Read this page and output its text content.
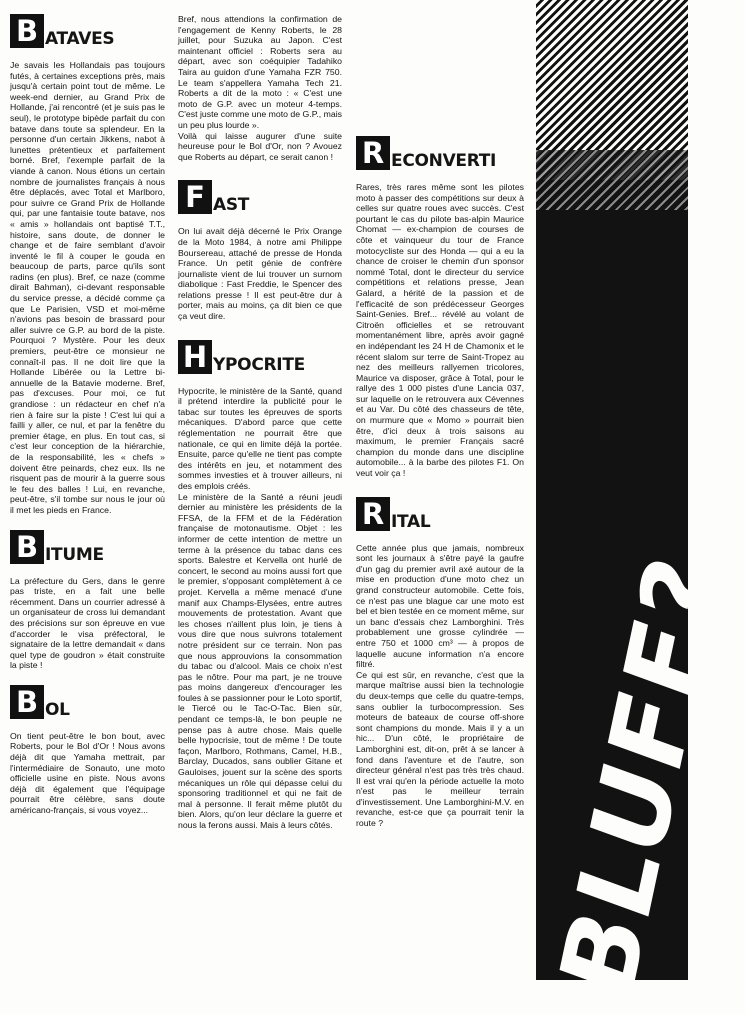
B ATAVES

Je savais les Hollandais pas toujours futés, à certaines exceptions près, mais jusqu'à certain point tout de même. Le week-end dernier, au Grand Prix de Hollande, j'ai rencontré (et je suis pas le seul), le prototype bipède parfait du con batave dans toute sa splendeur. En la personne d'un certain Jikkens, nabot à lunettes prétentieux et parfaitement borné. Bref, l'exemple parfait de la viande à canon. Nous étions un certain nombre de journalistes français à nous être déplacés, avec Total et Marlboro, pour suivre ce Grand Prix de Hollande qui, par une fantaisie toute batave, nos « amis » hollandais ont baptisé T.T., histoire, sans doute, de donner le change et de faire semblant d'avoir inventé le fil à couper le gouda en beaucoup de parts, parce qu'ils sont radins (en plus). Bref, ce naze (comme dirait Bahman), ci-devant responsable du service presse, a décidé comme ça que Le Parisien, VSD et moi-même n'avions pas besoin de brassard pour aller suivre ce G.P. au bord de la piste. Pourquoi ? Mystère. Pour les deux premiers, peut-être ce monsieur ne connaît-il pas. Il ne doit lire que la Hollande Libérée ou la Lettre bi-annuelle de la Batavie moderne. Bref, pas d'excuses. Pour moi, ce fut grandiose : un rédacteur en chef n'a rien à faire sur la piste ! C'est lui qui a failli y aller, ce nul, et par la fenêtre du premier étage, en plus. En tout cas, si c'est leur conception de la hiérarchie, de la responsabilité, les « chefs » doivent être peinards, chez eux. Ils ne risquent pas de mourir à la guerre sous le feu des balles ! Lui, en revanche, peut-être, s'il tombe sur nous le jour où il met les pieds en France.

B ITUME

La préfecture du Gers, dans le genre pas triste, en a fait une belle récemment. Dans un courrier adressé à un organisateur de cross lui demandant des précisions sur son épreuve en vue d'accorder le visa préfectoral, le signataire de la lettre demandait « dans quel type de goudron » était construite la piste !

B OL

On tient peut-être le bon bout, avec Roberts, pour le Bol d'Or ! Nous avons déjà dit que Yamaha mettrait, par l'intermédiaire de Sonauto, une moto officielle usine en piste. Nous avons déjà dit également que l'équipage pourrait être célèbre, sans doute américano-français, si vous voyez...

Bref, nous attendions la confirmation de l'engagement de Kenny Roberts, le 28 juillet, pour Suzuka au Japon. C'est maintenant officiel : Roberts sera au départ, avec son coéquipier Tadahiko Taira au guidon d'une Yamaha FZR 750. Le team s'appellera Yamaha Tech 21. Roberts a dit de la moto : « C'est une moto de G.P. avec un moteur 4-temps. C'est juste comme une moto de G.P., mais un peu plus lourde ».

Voilà qui laisse augurer d'une suite heureuse pour le Bol d'Or, non ? Avouez que Roberts au départ, ce serait canon !

F AST

On lui avait déjà décerné le Prix Orange de la Moto 1984, à notre ami Philippe Boursereau, attaché de presse de Honda France. Un petit génie de confrère journaliste vient de lui trouver un surnom diabolique : Fast Freddie, le Spencer des relations presse ! Il est peut-être dur à porter, mais au moins, ça dit bien ce que ça veut dire.

H YPOCRITE

Hypocrite, le ministère de la Santé, quand il prétend interdire la publicité pour le tabac sur toutes les épreuves de sports mécaniques. D'abord parce que cette réglementation ne pourrait être que nationale, ce qui en limite déjà la portée. Ensuite, parce qu'elle ne tient pas compte des intérêts en jeu, et notamment des sommes investies et à trouver ailleurs, ni des emplois créés.

Le ministère de la Santé a réuni jeudi dernier au ministère les présidents de la FFSA, de la FFM et de la Fédération française de motonautisme. Objet : les informer de cette intention de mettre un terme à la présence du tabac dans ces sports. Balestre et Kervella ont hurlé de concert, le second au moins aussi fort que le premier, s'opposant complètement à ce projet. Kervella a même menacé d'une manif aux Champs-Elysées, entre autres mouvements de protestation. Avant que les choses n'aillent plus loin, je tiens à vous dire que nous suivrons totalement notre président sur ce terrain. Non pas que nous approuvions la consommation du tabac ou d'alcool. Mais ce choix n'est pas le nôtre. Pour ma part, je ne trouve pas moins dangereux d'encourager les foules à se passionner pour le Loto sportif, le Tiercé ou le Tac-O-Tac. Bien sûr, pendant ce temps-là, le bon peuple ne pense pas à autre chose. Mais quelle belle hypocrisie, tout de même ! De toute façon, Marlboro, Rothmans, Camel, H.B., Barclay, Ducados, sans oublier Gitane et Gauloises, jouent sur la scène des sports mécaniques un rôle qui dépasse celui du sponsoring traditionnel et qui ne fait de mal à personne. Il ferait même plutôt du bien. Alors, qu'on leur déclare la guerre et nous la ferons aussi. Mais à leurs côtés.

R ECONVERTI

Rares, très rares même sont les pilotes moto à passer des compétitions sur deux à celles sur quatre roues avec succès. C'est pourtant le cas du pilote bas-alpin Maurice Chomat — ex-champion de courses de côte et vainqueur du tour de France motocycliste sur des Honda — qui a eu la chance de croiser le chemin d'un sponsor nommé Total, dont le directeur du service compétitions et relations presse, Jean Galard, a hérité de la passion et de l'efficacité de son prédécesseur Georges Saint-Genies. Bref... révélé au volant de Citroën officielles et se retrouvant momentanément libre, après avoir gagné en indépendant les 24 H de Chamonix et le récent slalom sur terre de Saint-Tropez au nez des meilleurs rallyemen tricolores, Maurice va disposer, grâce à Total, pour le rallye des 1 000 pistes d'une Lancia 037, sur laquelle on le retrouvera aux Cévennes et au Var. Du côté des chasseurs de tête, on murmure que « Momo » pourrait bien être, d'ici deux à trois saisons au maximum, le premier Français sacré champion du monde dans une discipline automobile... à la barbe des pilotes F1. On veut voir ça !

R ITAL

Cette année plus que jamais, nombreux sont les journaux à s'être payé la gaufre d'un gag du premier avril axé autour de la mise en production d'une moto chez un grand constructeur automobile. Cette fois, ce n'est pas une blague car une moto est bel et bien testée en ce moment même, sur un banc d'essais chez Lamborghini. Très probablement une grosse cylindrée — entre 750 et 1000 cm³ — à propos de laquelle aucune information n'a encore filtré.

Ce qui est sûr, en revanche, c'est que la marque maîtrise aussi bien la technologie du deux-temps que celle du quatre-temps, sans oublier la turbocompression. Ses moteurs de bateaux de course off-shore sont champions du monde. Mais il y a un hic... D'un côté, le propriétaire de Lamborghini est, dit-on, prêt à se lancer à fond dans l'aventure et de l'autre, son directeur général n'est pas très très chaud. Il est vrai qu'en la période actuelle la moto n'est pas le meilleur terrain d'investissement. Une Lamborghini-M.V. en revanche, est-ce que ça pourrait tenir la route ?	BLUFF?
